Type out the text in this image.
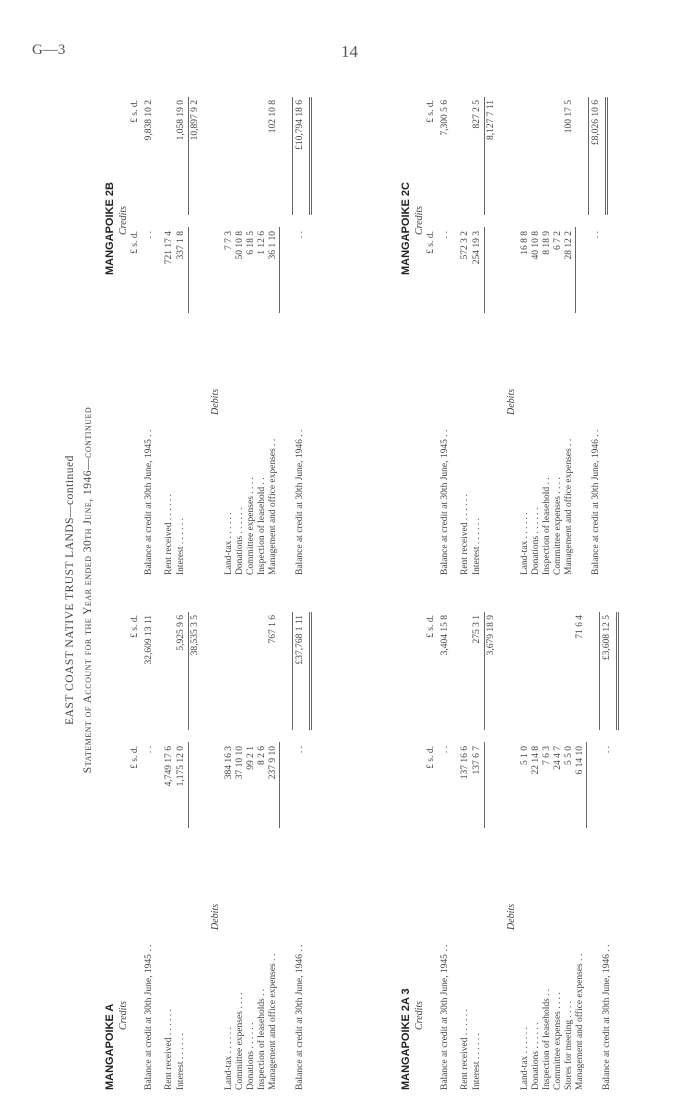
G—3	14
EAST COAST NATIVE TRUST LANDS—continued Statement of Account for the Year ended 30th June, 1946—continued
MANGAPOIKE A Credits
£ s. d.
£ s. d.
Balance at credit at 30th June, 1945 . .
. .
32,609 13 11
Rent received . . . . . .
4,749 17 6
Interest . . . . . .
1,175 12 0
5,925 9 6 38,535 3 5
Debits
Land-tax . . . . . .
384 16 3
Committee expenses . . . .
37 10 10
Donations . . . . . .
99 2 1
Inspection of leaseholds . .
8 2 6
Management and office expenses . .
237 9 10
767 1 6
Balance at credit at 30th June, 1946 . .
. .
£37,768 1 11
MANGAPOIKE 2B Credits
£ s. d.
£ s. d.
Balance at credit at 30th June, 1945 . .
. .
9,838 10 2
Rent received . . . . . .
721 17 4
Interest . . . . . .
337 1 8
1,058 19 0 10,897 9 2
Debits
Land-tax . . . . . .
7 7 3
Donations . . . . . .
50 10 8
Committee expenses . . . .
6 18 5
Inspection of leasehold . .
1 12 6
Management and office expenses . .
36 1 10
102 10 8
Balance at credit at 30th June, 1946 . .
. .
£10,794 18 6
MANGAPOIKE 2A 3 Credits
£ s. d.
£ s. d.
Balance at credit at 30th June, 1945 . .
. .
3,404 15 8
Rent received . . . . . .
137 16 6
Interest . . . . . .
137 6 7
275 3 1 3,679 18 9
Debits
Land-tax . . . . . .
5 1 0
Donations . . . . . .
22 14 8
Inspection of leaseholds . .
7 6 3
Committee expenses . . . .
24 4 7
Stores for meeting . . . .
5 5 0
Management and office expenses . .
6 14 10
71 6 4
Balance at credit at 30th June, 1946 . .
. .
£3,608 12 5
MANGAPOIKE 2C Credits
£ s. d.
£ s. d.
Balance at credit at 30th June, 1945 . .
. .
7,300 5 6
Rent received . . . . . .
572 3 2
Interest . . . . . .
254 19 3
827 2 5 8,127 7 11
Debits
Land-tax . . . . . .
16 8 8
Donations . . . . . .
40 10 8
Inspection of leasehold . .
8 18 9
Committee expenses . . . .
6 7 2
Management and office expenses . .
28 12 2
100 17 5
Balance at credit at 30th June, 1946 . .
. .
£8,026 10 6
